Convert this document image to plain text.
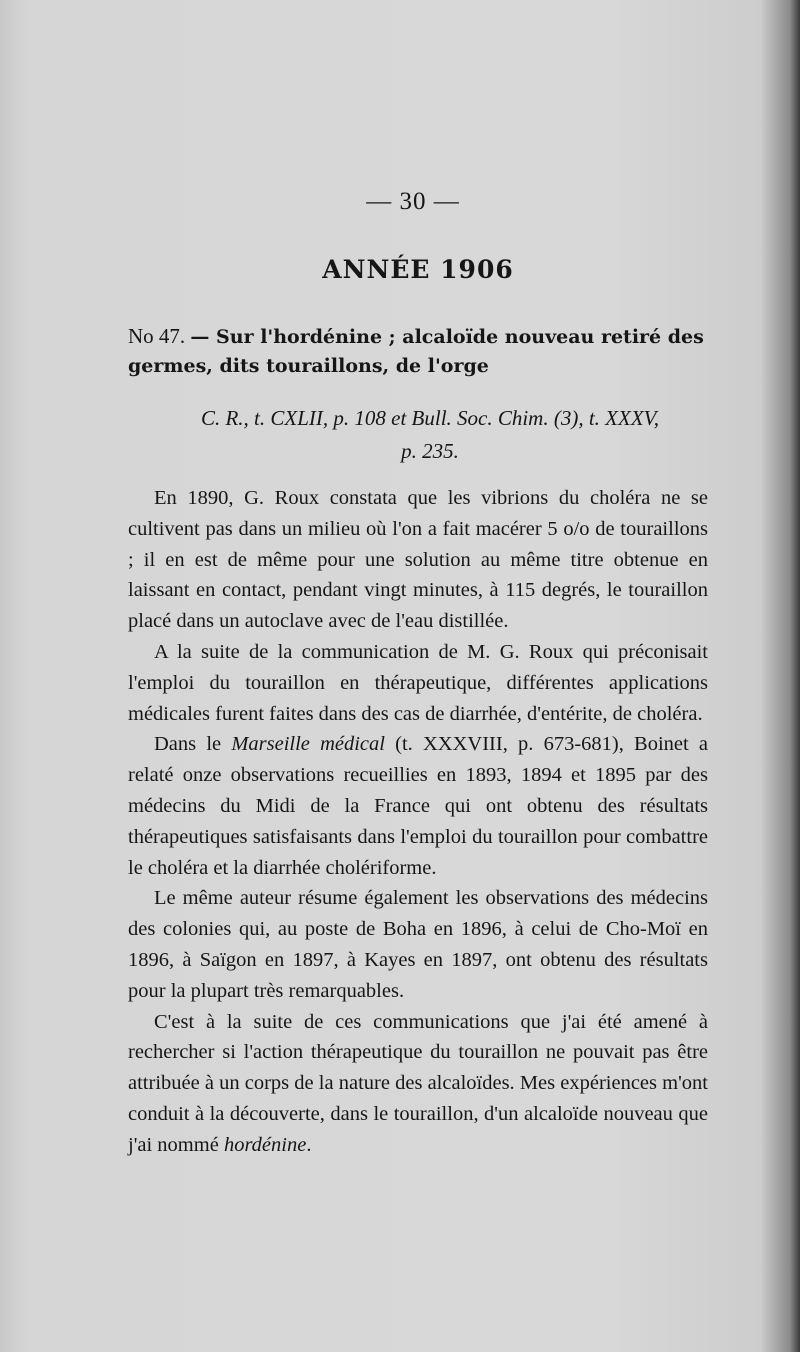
— 30 —
ANNÉE 1906
No 47. — Sur l'hordénine ; alcaloïde nouveau retiré des germes, dits touraillons, de l'orge
C. R., t. CXLII, p. 108 et Bull. Soc. Chim. (3), t. XXXV,
p. 235.

En 1890, G. Roux constata que les vibrions du choléra ne se cultivent pas dans un milieu où l'on a fait macérer 5 o/o de touraillons ; il en est de même pour une solution au même titre obtenue en laissant en contact, pendant vingt minutes, à 115 degrés, le touraillon placé dans un autoclave avec de l'eau distillée.

A la suite de la communication de M. G. Roux qui préconisait l'emploi du touraillon en thérapeutique, différentes applications médicales furent faites dans des cas de diarrhée, d'entérite, de choléra.

Dans le Marseille médical (t. XXXVIII, p. 673-681), Boinet a relaté onze observations recueillies en 1893, 1894 et 1895 par des médecins du Midi de la France qui ont obtenu des résultats thérapeutiques satisfaisants dans l'emploi du touraillon pour combattre le choléra et la diarrhée cholériforme.

Le même auteur résume également les observations des médecins des colonies qui, au poste de Boha en 1896, à celui de Cho-Moï en 1896, à Saïgon en 1897, à Kayes en 1897, ont obtenu des résultats pour la plupart très remarquables.

C'est à la suite de ces communications que j'ai été amené à rechercher si l'action thérapeutique du touraillon ne pouvait pas être attribuée à un corps de la nature des alcaloïdes. Mes expériences m'ont conduit à la découverte, dans le touraillon, d'un alcaloïde nouveau que j'ai nommé hordénine.
